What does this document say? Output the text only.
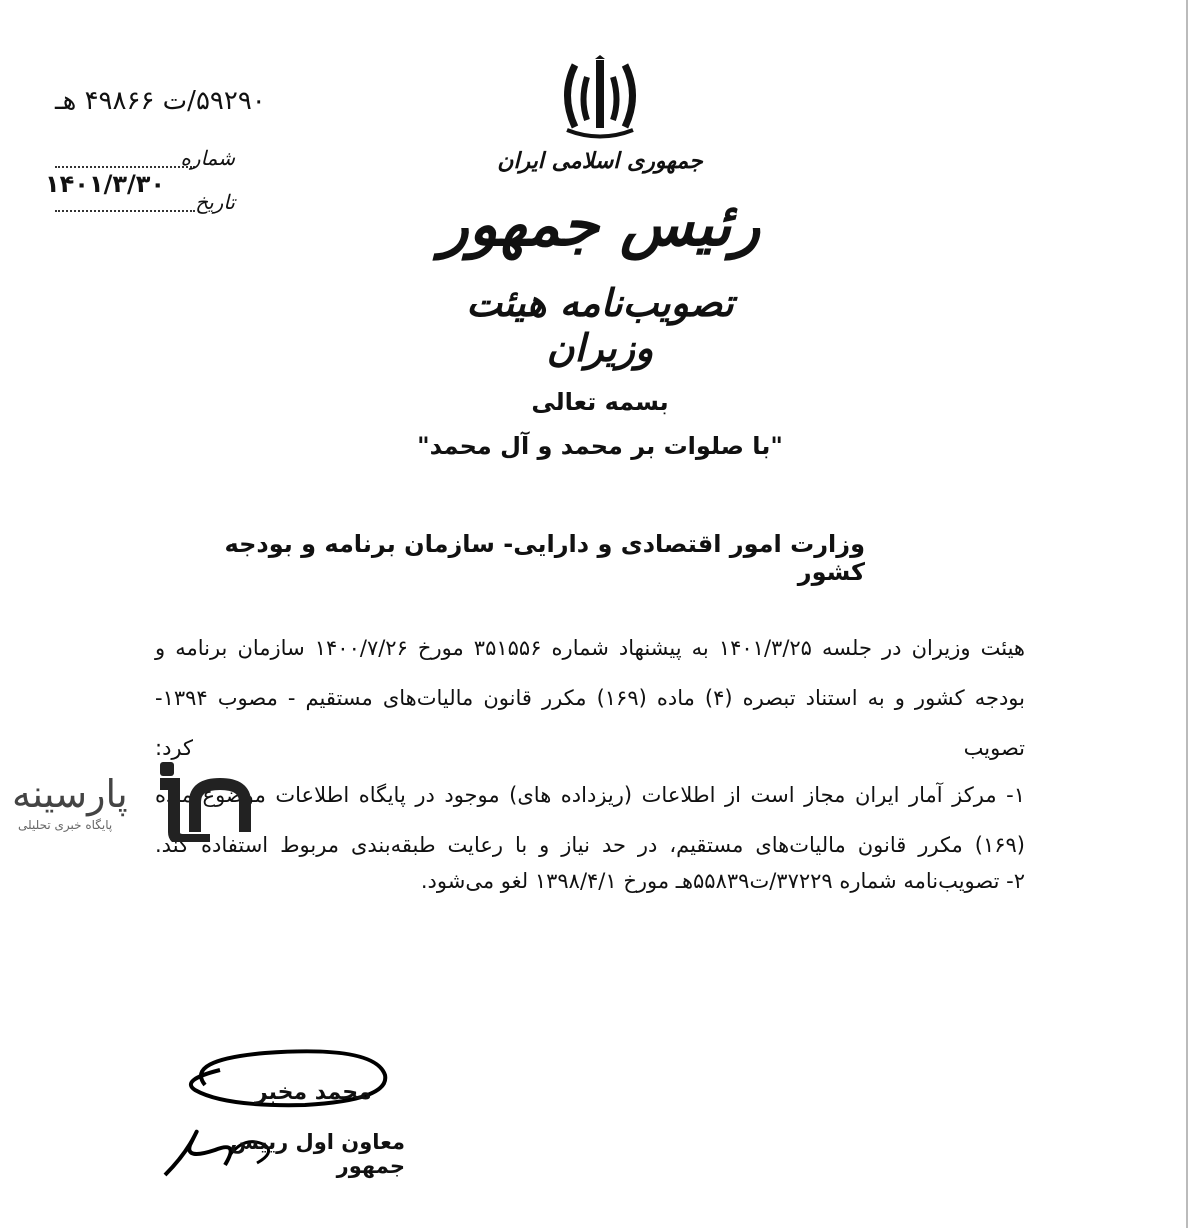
۵۹۲۹۰/ت ۴۹۸۶۶ هـ
شماره
۱۴۰۱/۳/۳۰
تاریخ
جمهوری اسلامی ایران
رئیس جمهور
تصویب‌نامه هیئت وزیران
بسمه تعالی
"با صلوات بر محمد و آل محمد"
وزارت امور اقتصادی و دارایی- سازمان برنامه و بودجه کشور
هیئت وزیران در جلسه ۱۴۰۱/۳/۲۵ به پیشنهاد شماره ۳۵۱۵۵۶ مورخ ۱۴۰۰/۷/۲۶ سازمان برنامه و بودجه کشور و به استناد تبصره (۴) ماده (۱۶۹) مکرر قانون مالیات‌های مستقیم - مصوب ۱۳۹۴- تصویب کرد:
۱- مرکز آمار ایران مجاز است از اطلاعات (ریزداده های) موجود در پایگاه اطلاعات موضوع ماده (۱۶۹) مکرر قانون مالیات‌های مستقیم، در حد نیاز و با رعایت طبقه‌بندی مربوط استفاده کند.
۲- تصویب‌نامه شماره ۳۷۲۲۹/ت۵۵۸۳۹هـ مورخ ۱۳۹۸/۴/۱ لغو می‌شود.
پارسینه
پایگاه خبری تحلیلی
محمد مخبر
معاون اول رییس جمهور
